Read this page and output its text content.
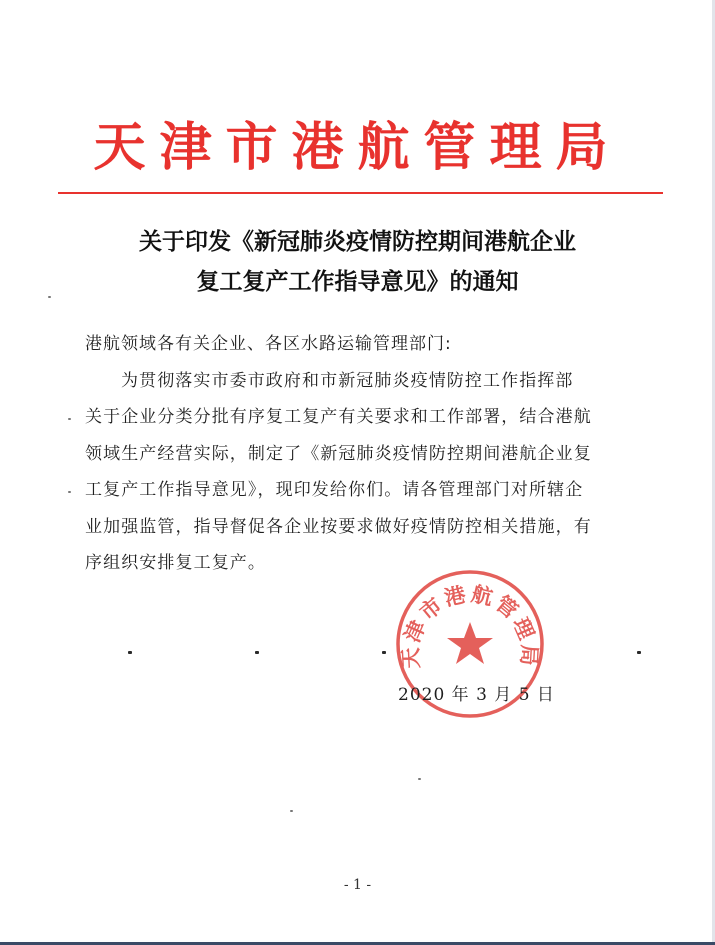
天津市港航管理局
关于印发《新冠肺炎疫情防控期间港航企业
复工复产工作指导意见》的通知
港航领域各有关企业、各区水路运输管理部门:
为贯彻落实市委市政府和市新冠肺炎疫情防控工作指挥部
关于企业分类分批有序复工复产有关要求和工作部署，结合港航
领域生产经营实际，制定了《新冠肺炎疫情防控期间港航企业复
工复产工作指导意见》，现印发给你们。请各管理部门对所辖企
业加强监管，指导督促各企业按要求做好疫情防控相关措施，有
序组织安排复工复产。
天津市港航管理局
2020 年 3 月 5 日
- 1 -
